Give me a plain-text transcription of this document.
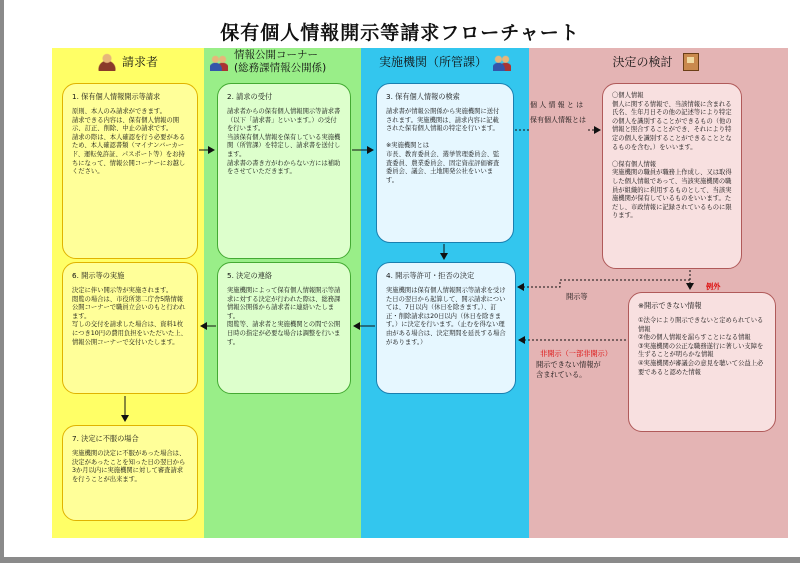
保有個人情報開示等請求フローチャート
請求者	情報公開コーナー
(総務課情報公開係)	実施機関（所管課）	決定の検討
1. 保有個人情報開示等請求
原則、本人のみ請求ができます。
請求できる内容は、保有個人情報の開示、訂正、削除、中止の請求です。
請求の際は、本人確認を行う必要があるため、本人確認書類（マイナンバーカード、運転免許証、パスポート等）をお持ちになって、情報公開コーナーにお越しください。
2. 請求の受付
請求者からの保有個人情報開示等請求書（以下「請求書」といいます。）の受付を行います。
当該保有個人情報を保有している実施機関（所管課）を特定し、請求書を送付します。
請求書の書き方がわからない方には補助をさせていただきます。
3. 保有個人情報の検索
請求書が情報公開係から実施機関に送付されます。実施機関は、請求内容に記載された保有個人情報の特定を行います。

※実施機関とは
市長、教育委員会、選挙管理委員会、監査委員、農業委員会、固定資産評価審査委員会、議会、土地開発公社をいいます。
〇個人情報
個人に関する情報で、当該情報に含まれる氏名、生年月日その他の記述等により特定の個人を識別することができるもの（他の情報と照合することができ、それにより特定の個人を識別することができることとなるものを含む。）をいいます。

〇保有個人情報
実施機関の職員が職務上作成し、又は取得した個人情報であって、当該実施機関の職員が組織的に利用するものとして、当該実施機関が保有しているものをいいます。ただし、市政情報に記録されているものに限ります。
4. 開示等許可・拒否の決定
実施機関は保有個人情報開示等請求を受けた日の翌日から起算して、開示請求については、7日以内（休日を除きます。）、訂正・削除請求は20日以内（休日を除きます。）に決定を行います。（止むを得ない理由がある場合は、決定期間を延長する場合があります。）
5. 決定の連絡
実施機関によって保有個人情報開示等請求に対する決定が行われた際は、総務課情報公開係から請求者に連絡いたします。
閲覧等、請求者と実施機関との間で公開日時の指定が必要な場合は調整を行います。
6. 開示等の実施
決定に伴い開示等が実施されます。
閲覧の場合は、市役所第二庁舎5階情報公開コーナーで職員立会いのもと行われます。
写しの交付を請求した場合は、資料1枚につき10円の費用負担をいただいた上、情報公開コーナーで交付いたします。
※開示できない情報
①法令により開示できないと定められている情報
②他の個人情報を漏らすことになる情報
③実施機関の公正な職務遂行に著しい支障を生ずることが明らかな情報
④実施機関が審議会の意見を聴いて公益上必要であると認めた情報
7. 決定に不服の場合
実施機関の決定に不服があった場合は、決定があったことを知った日の翌日から3か月以内に実施機関に対して審査請求を行うことが出来ます。
個 人 情 報 と は
保有個人情報とは
開示等
例外
非開示（一部非開示）
開示できない情報が
含まれている。
